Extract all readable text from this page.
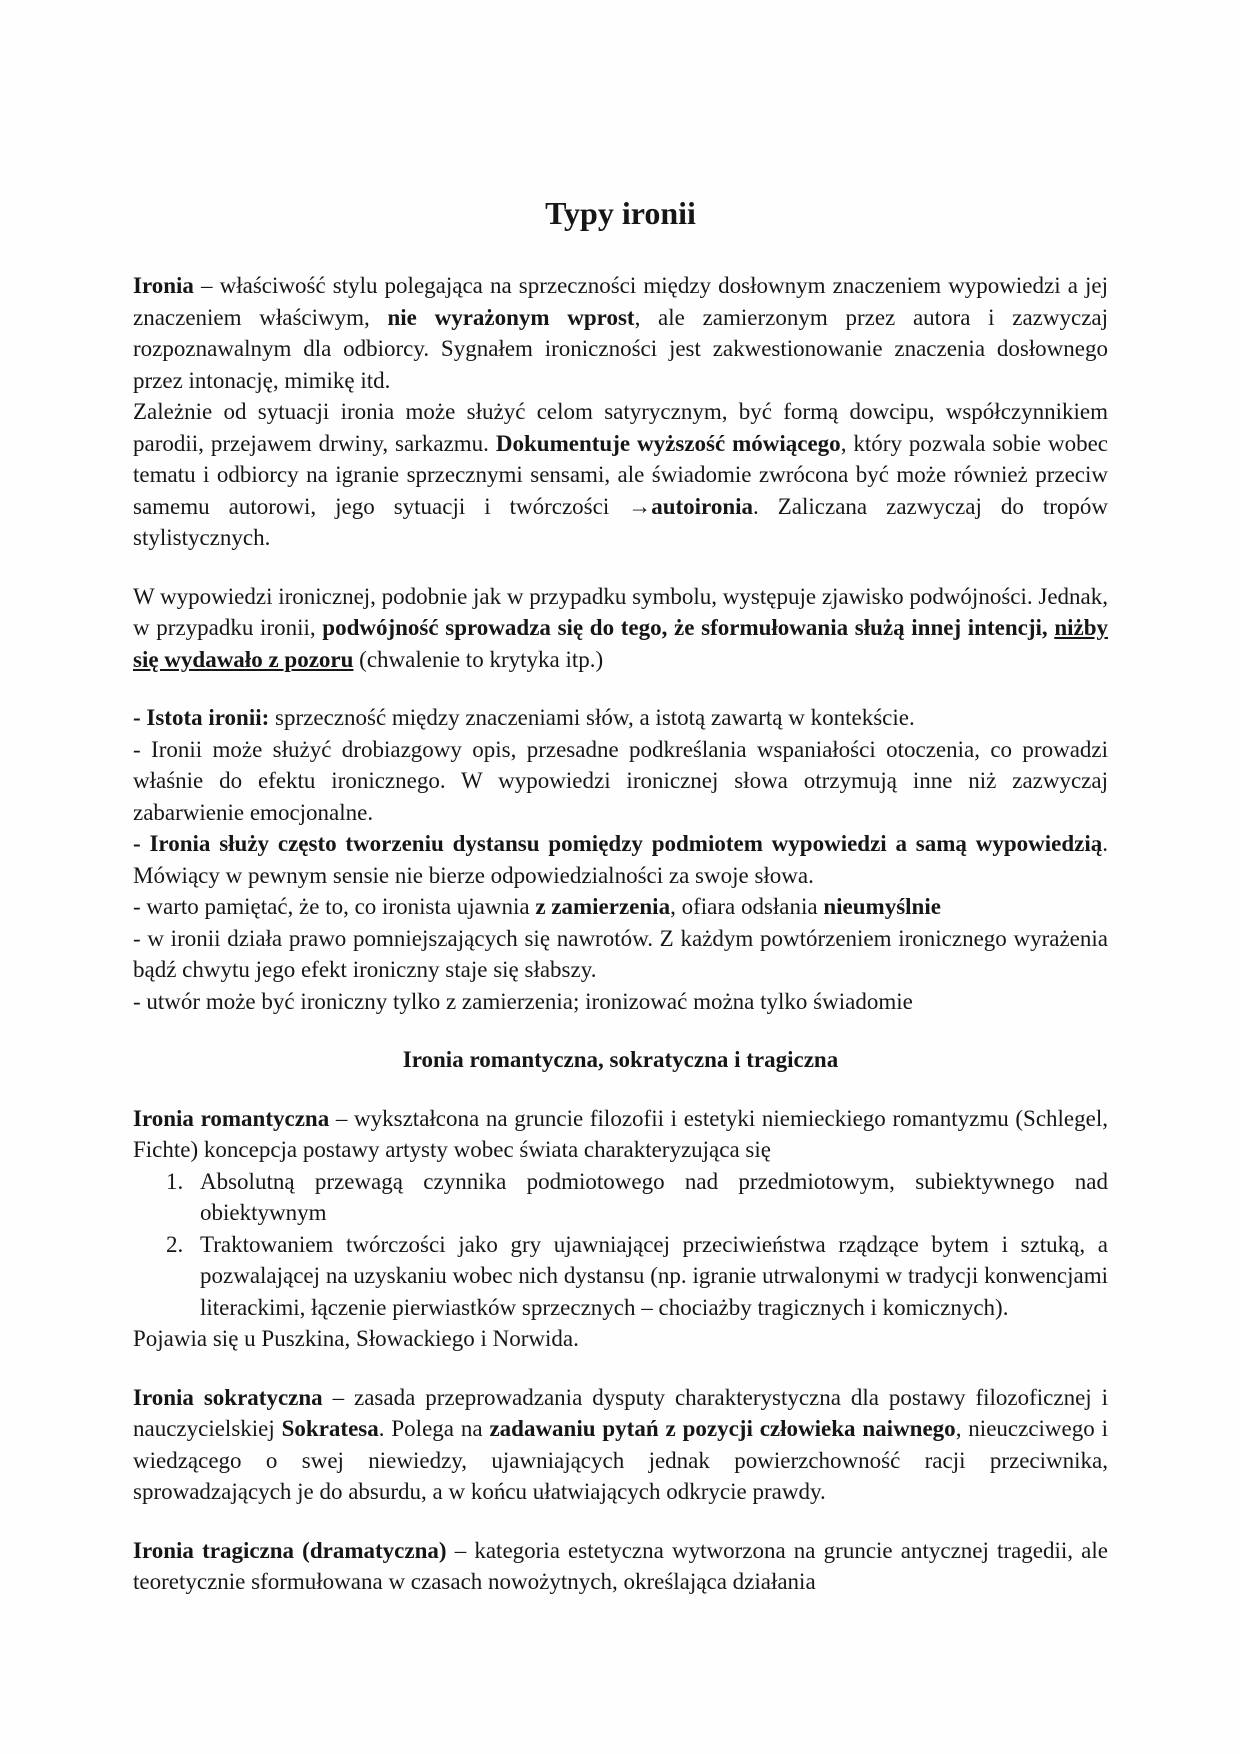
Typy ironii

Ironia – właściwość stylu polegająca na sprzeczności między dosłownym znaczeniem wypowiedzi a jej znaczeniem właściwym, nie wyrażonym wprost, ale zamierzonym przez autora i zazwyczaj rozpoznawalnym dla odbiorcy. Sygnałem ironiczności jest zakwestionowanie znaczenia dosłownego przez intonację, mimikę itd.

Zależnie od sytuacji ironia może służyć celom satyrycznym, być formą dowcipu, współczynnikiem parodii, przejawem drwiny, sarkazmu. Dokumentuje wyższość mówiącego, który pozwala sobie wobec tematu i odbiorcy na igranie sprzecznymi sensami, ale świadomie zwrócona być może również przeciw samemu autorowi, jego sytuacji i twórczości →autoironia. Zaliczana zazwyczaj do tropów stylistycznych.

W wypowiedzi ironicznej, podobnie jak w przypadku symbolu, występuje zjawisko podwójności. Jednak, w przypadku ironii, podwójność sprowadza się do tego, że sformułowania służą innej intencji, niżby się wydawało z pozoru (chwalenie to krytyka itp.)

- Istota ironii: sprzeczność między znaczeniami słów, a istotą zawartą w kontekście.

- Ironii może służyć drobiazgowy opis, przesadne podkreślania wspaniałości otoczenia, co prowadzi właśnie do efektu ironicznego. W wypowiedzi ironicznej słowa otrzymują inne niż zazwyczaj zabarwienie emocjonalne.

- Ironia służy często tworzeniu dystansu pomiędzy podmiotem wypowiedzi a samą wypowiedzią. Mówiący w pewnym sensie nie bierze odpowiedzialności za swoje słowa.

- warto pamiętać, że to, co ironista ujawnia z zamierzenia, ofiara odsłania nieumyślnie

- w ironii działa prawo pomniejszających się nawrotów. Z każdym powtórzeniem ironicznego wyrażenia bądź chwytu jego efekt ironiczny staje się słabszy.

- utwór może być ironiczny tylko z zamierzenia; ironizować można tylko świadomie

Ironia romantyczna, sokratyczna i tragiczna

Ironia romantyczna – wykształcona na gruncie filozofii i estetyki niemieckiego romantyzmu (Schlegel, Fichte) koncepcja postawy artysty wobec świata charakteryzująca się

1. Absolutną przewagą czynnika podmiotowego nad przedmiotowym, subiektywnego nad obiektywnym
2. Traktowaniem twórczości jako gry ujawniającej przeciwieństwa rządzące bytem i sztuką, a pozwalającej na uzyskaniu wobec nich dystansu (np. igranie utrwalonymi w tradycji konwencjami literackimi, łączenie pierwiastków sprzecznych – chociażby tragicznych i komicznych).

Pojawia się u Puszkina, Słowackiego i Norwida.

Ironia sokratyczna – zasada przeprowadzania dysputy charakterystyczna dla postawy filozoficznej i nauczycielskiej Sokratesa. Polega na zadawaniu pytań z pozycji człowieka naiwnego, nieuczciwego i wiedzącego o swej niewiedzy, ujawniających jednak powierzchowność racji przeciwnika, sprowadzających je do absurdu, a w końcu ułatwiających odkrycie prawdy.

Ironia tragiczna (dramatyczna) – kategoria estetyczna wytworzona na gruncie antycznej tragedii, ale teoretycznie sformułowana w czasach nowożytnych, określająca działania
